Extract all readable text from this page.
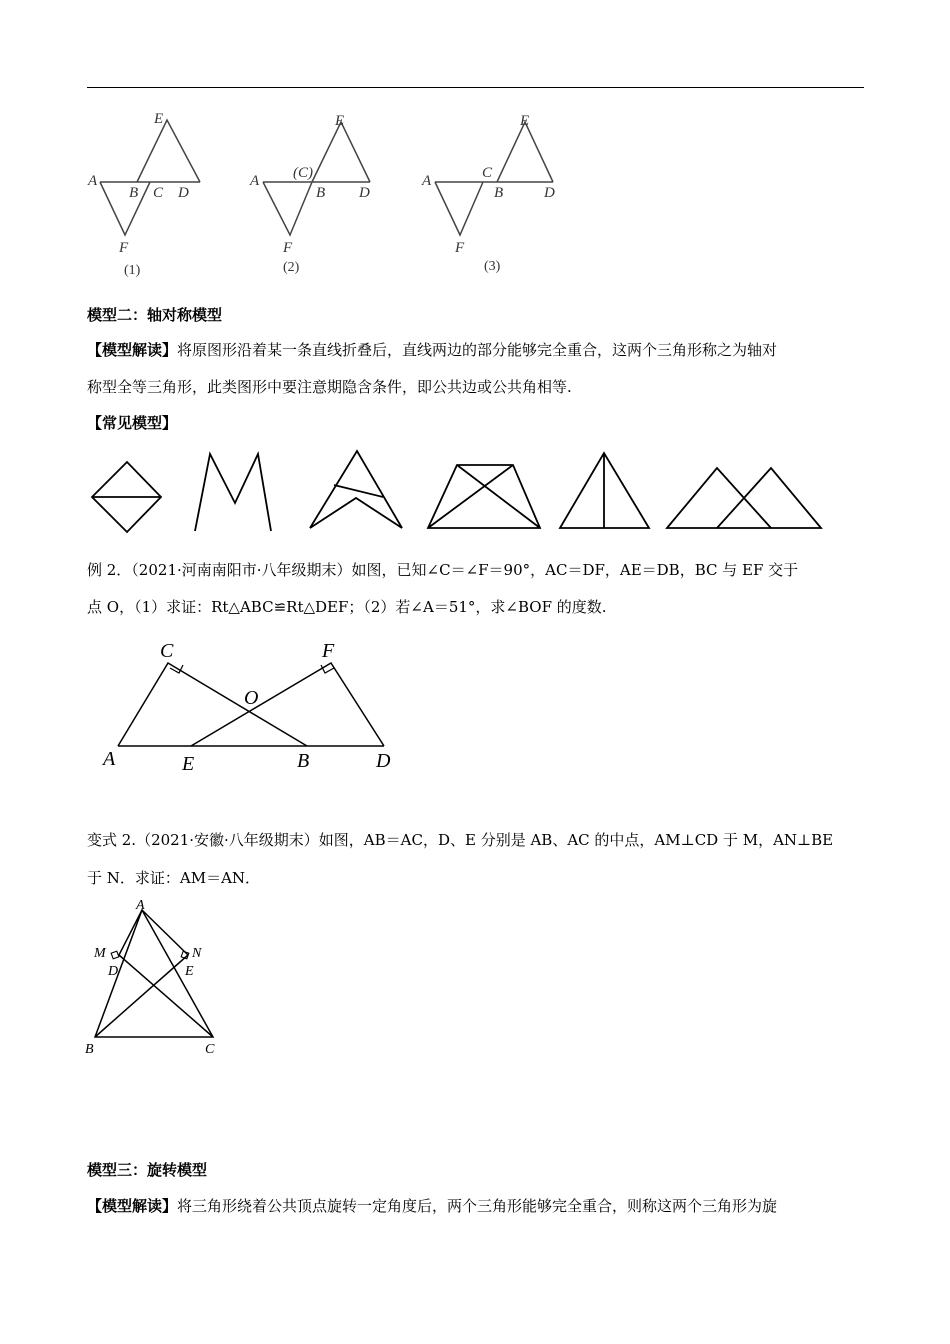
E
A
B C D
F
(1)
E
(C)
A
B D
F
(2)
E
C
A
B	D
F
(3)
模型二：轴对称模型
【模型解读】将原图形沿着某一条直线折叠后，直线两边的部分能够完全重合，这两个三角形称之为轴对
称型全等三角形，此类图形中要注意期隐含条件，即公共边或公共角相等.
【常见模型】
例 2．（2021·河南南阳市·八年级期末）如图，已知∠C＝∠F＝90°，AC＝DF，AE＝DB，BC 与 EF 交于
点 O，（1）求证：Rt△ABC≌Rt△DEF；（2）若∠A＝51°，求∠BOF 的度数.
C	F
O
A	E	B	D
变式 2.（2021·安徽·八年级期末）如图，AB＝AC，D、E 分别是 AB、AC 的中点，AM⊥CD 于 M，AN⊥BE
于 N．求证：AM＝AN．
A
M	N
D	E
B	C
模型三：旋转模型
【模型解读】将三角形绕着公共顶点旋转一定角度后，两个三角形能够完全重合，则称这两个三角形为旋
